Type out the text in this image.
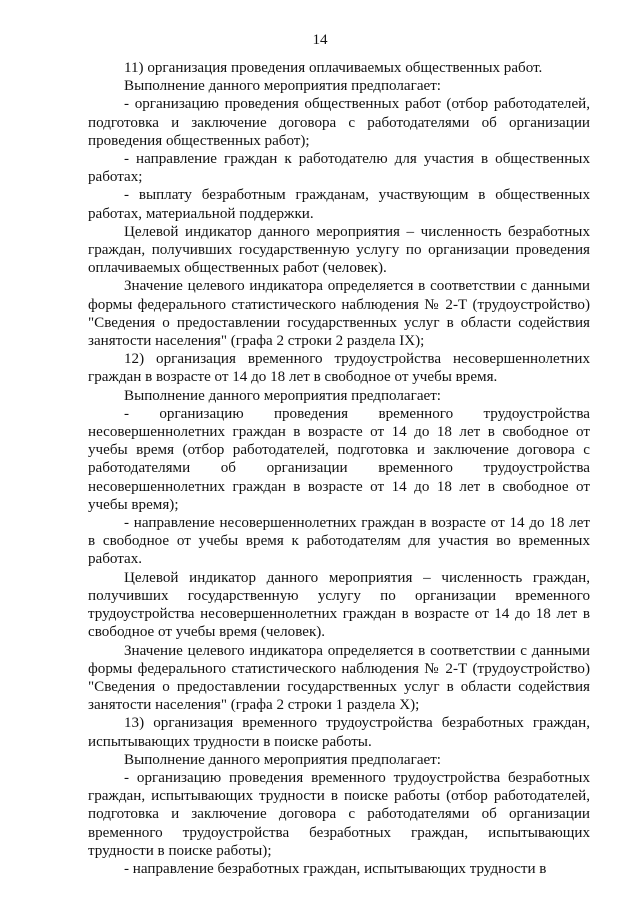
14

11) организация проведения оплачиваемых общественных работ.

Выполнение данного мероприятия предполагает:

- организацию проведения общественных работ (отбор работодателей, подготовка и заключение договора с работодателями об организации проведения общественных работ);

- направление граждан к работодателю для участия в общественных работах;

- выплату безработным гражданам, участвующим в общественных работах, материальной поддержки.

Целевой индикатор данного мероприятия – численность безработных граждан, получивших государственную услугу по организации проведения оплачиваемых общественных работ (человек).

Значение целевого индикатора определяется в соответствии с данными формы федерального статистического наблюдения № 2-Т (трудоустройство) "Сведения о предоставлении государственных услуг в области содействия занятости населения" (графа 2 строки 2 раздела IX);

12) организация временного трудоустройства несовершеннолетних граждан в возрасте от 14 до 18 лет в свободное от учебы время.

Выполнение данного мероприятия предполагает:

- организацию проведения временного трудоустройства несовершеннолетних граждан в возрасте от 14 до 18 лет в свободное от учебы время (отбор работодателей, подготовка и заключение договора с работодателями об организации временного трудоустройства несовершеннолетних граждан в возрасте от 14 до 18 лет в свободное от учебы время);

- направление несовершеннолетних граждан в возрасте от 14 до 18 лет в свободное от учебы время к работодателям для участия во временных работах.

Целевой индикатор данного мероприятия – численность граждан, получивших государственную услугу по организации временного трудоустройства несовершеннолетних граждан в возрасте от 14 до 18 лет в свободное от учебы время (человек).

Значение целевого индикатора определяется в соответствии с данными формы федерального статистического наблюдения № 2-Т (трудоустройство) "Сведения о предоставлении государственных услуг в области содействия занятости населения" (графа 2 строки 1 раздела X);

13) организация временного трудоустройства безработных граждан, испытывающих трудности в поиске работы.

Выполнение данного мероприятия предполагает:

- организацию проведения временного трудоустройства безработных граждан, испытывающих трудности в поиске работы (отбор работодателей, подготовка и заключение договора с работодателями об организации временного трудоустройства безработных граждан, испытывающих трудности в поиске работы);

- направление безработных граждан, испытывающих трудности в
